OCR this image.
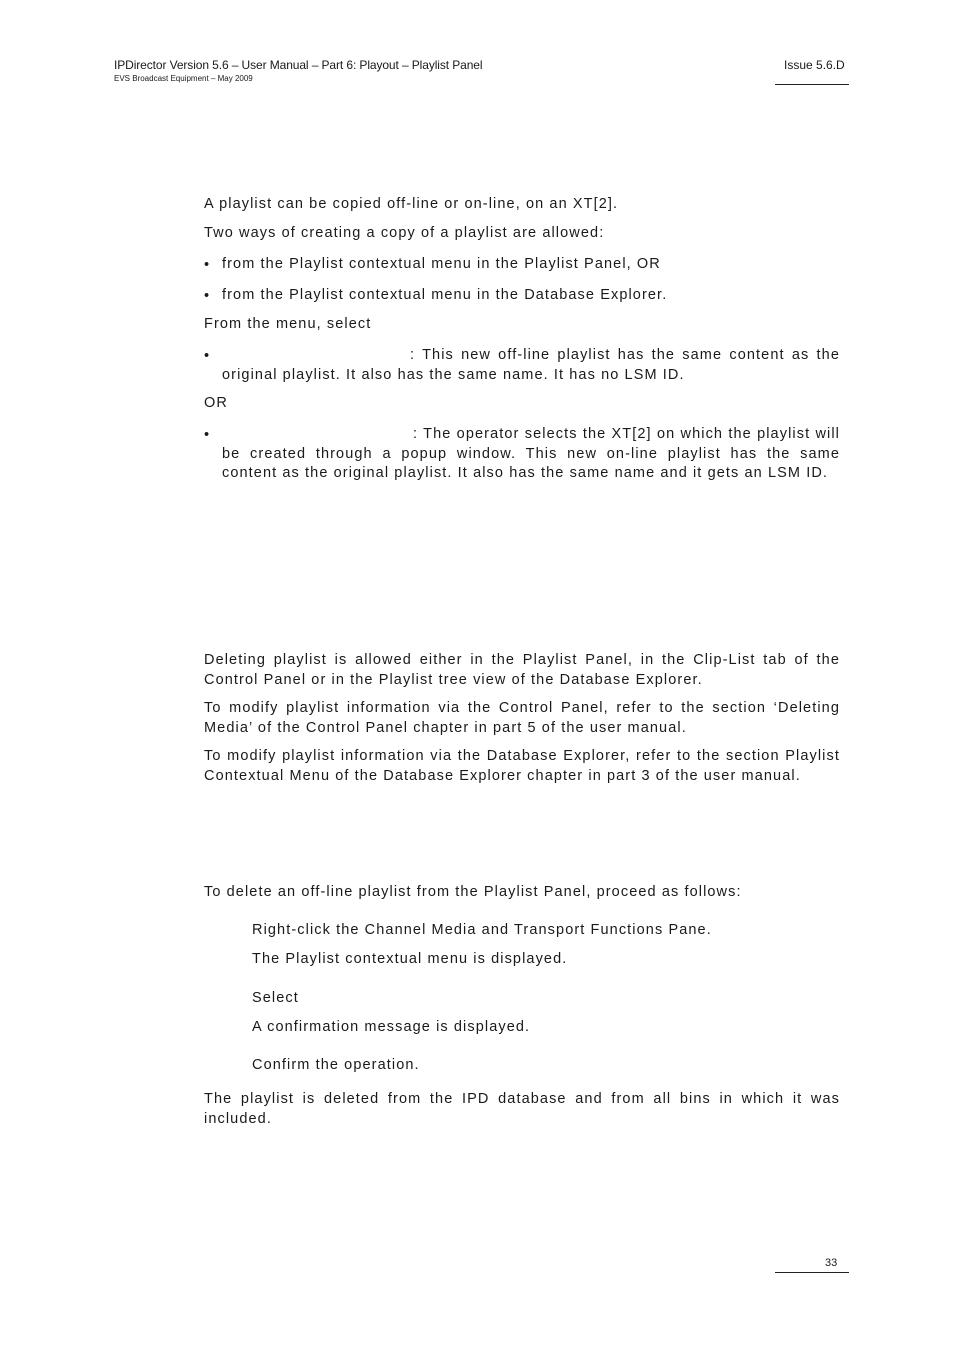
IPDirector Version 5.6 – User Manual – Part 6: Playout – Playlist Panel
EVS Broadcast Equipment – May 2009
Issue 5.6.D
A playlist can be copied off-line or on-line, on an XT[2].
Two ways of creating a copy of a playlist are allowed:
• from the Playlist contextual menu in the Playlist Panel, OR
• from the Playlist contextual menu in the Database Explorer.
From the menu, select
•	: This new off-line playlist has the same content as the original playlist. It also has the same name. It has no LSM ID.
OR
•	: The operator selects the XT[2] on which the playlist will be created through a popup window. This new on-line playlist has the same content as the original playlist. It also has the same name and it gets an LSM ID.
Deleting playlist is allowed either in the Playlist Panel, in the Clip-List tab of the Control Panel or in the Playlist tree view of the Database Explorer.
To modify playlist information via the Control Panel, refer to the section ‘Deleting Media’ of the Control Panel chapter in part 5 of the user manual.
To modify playlist information via the Database Explorer, refer to the section Playlist Contextual Menu of the Database Explorer chapter in part 3 of the user manual.
To delete an off-line playlist from the Playlist Panel, proceed as follows:
Right-click the Channel Media and Transport Functions Pane.
The Playlist contextual menu is displayed.
Select
A confirmation message is displayed.
Confirm the operation.
The playlist is deleted from the IPD database and from all bins in which it was included.
33
